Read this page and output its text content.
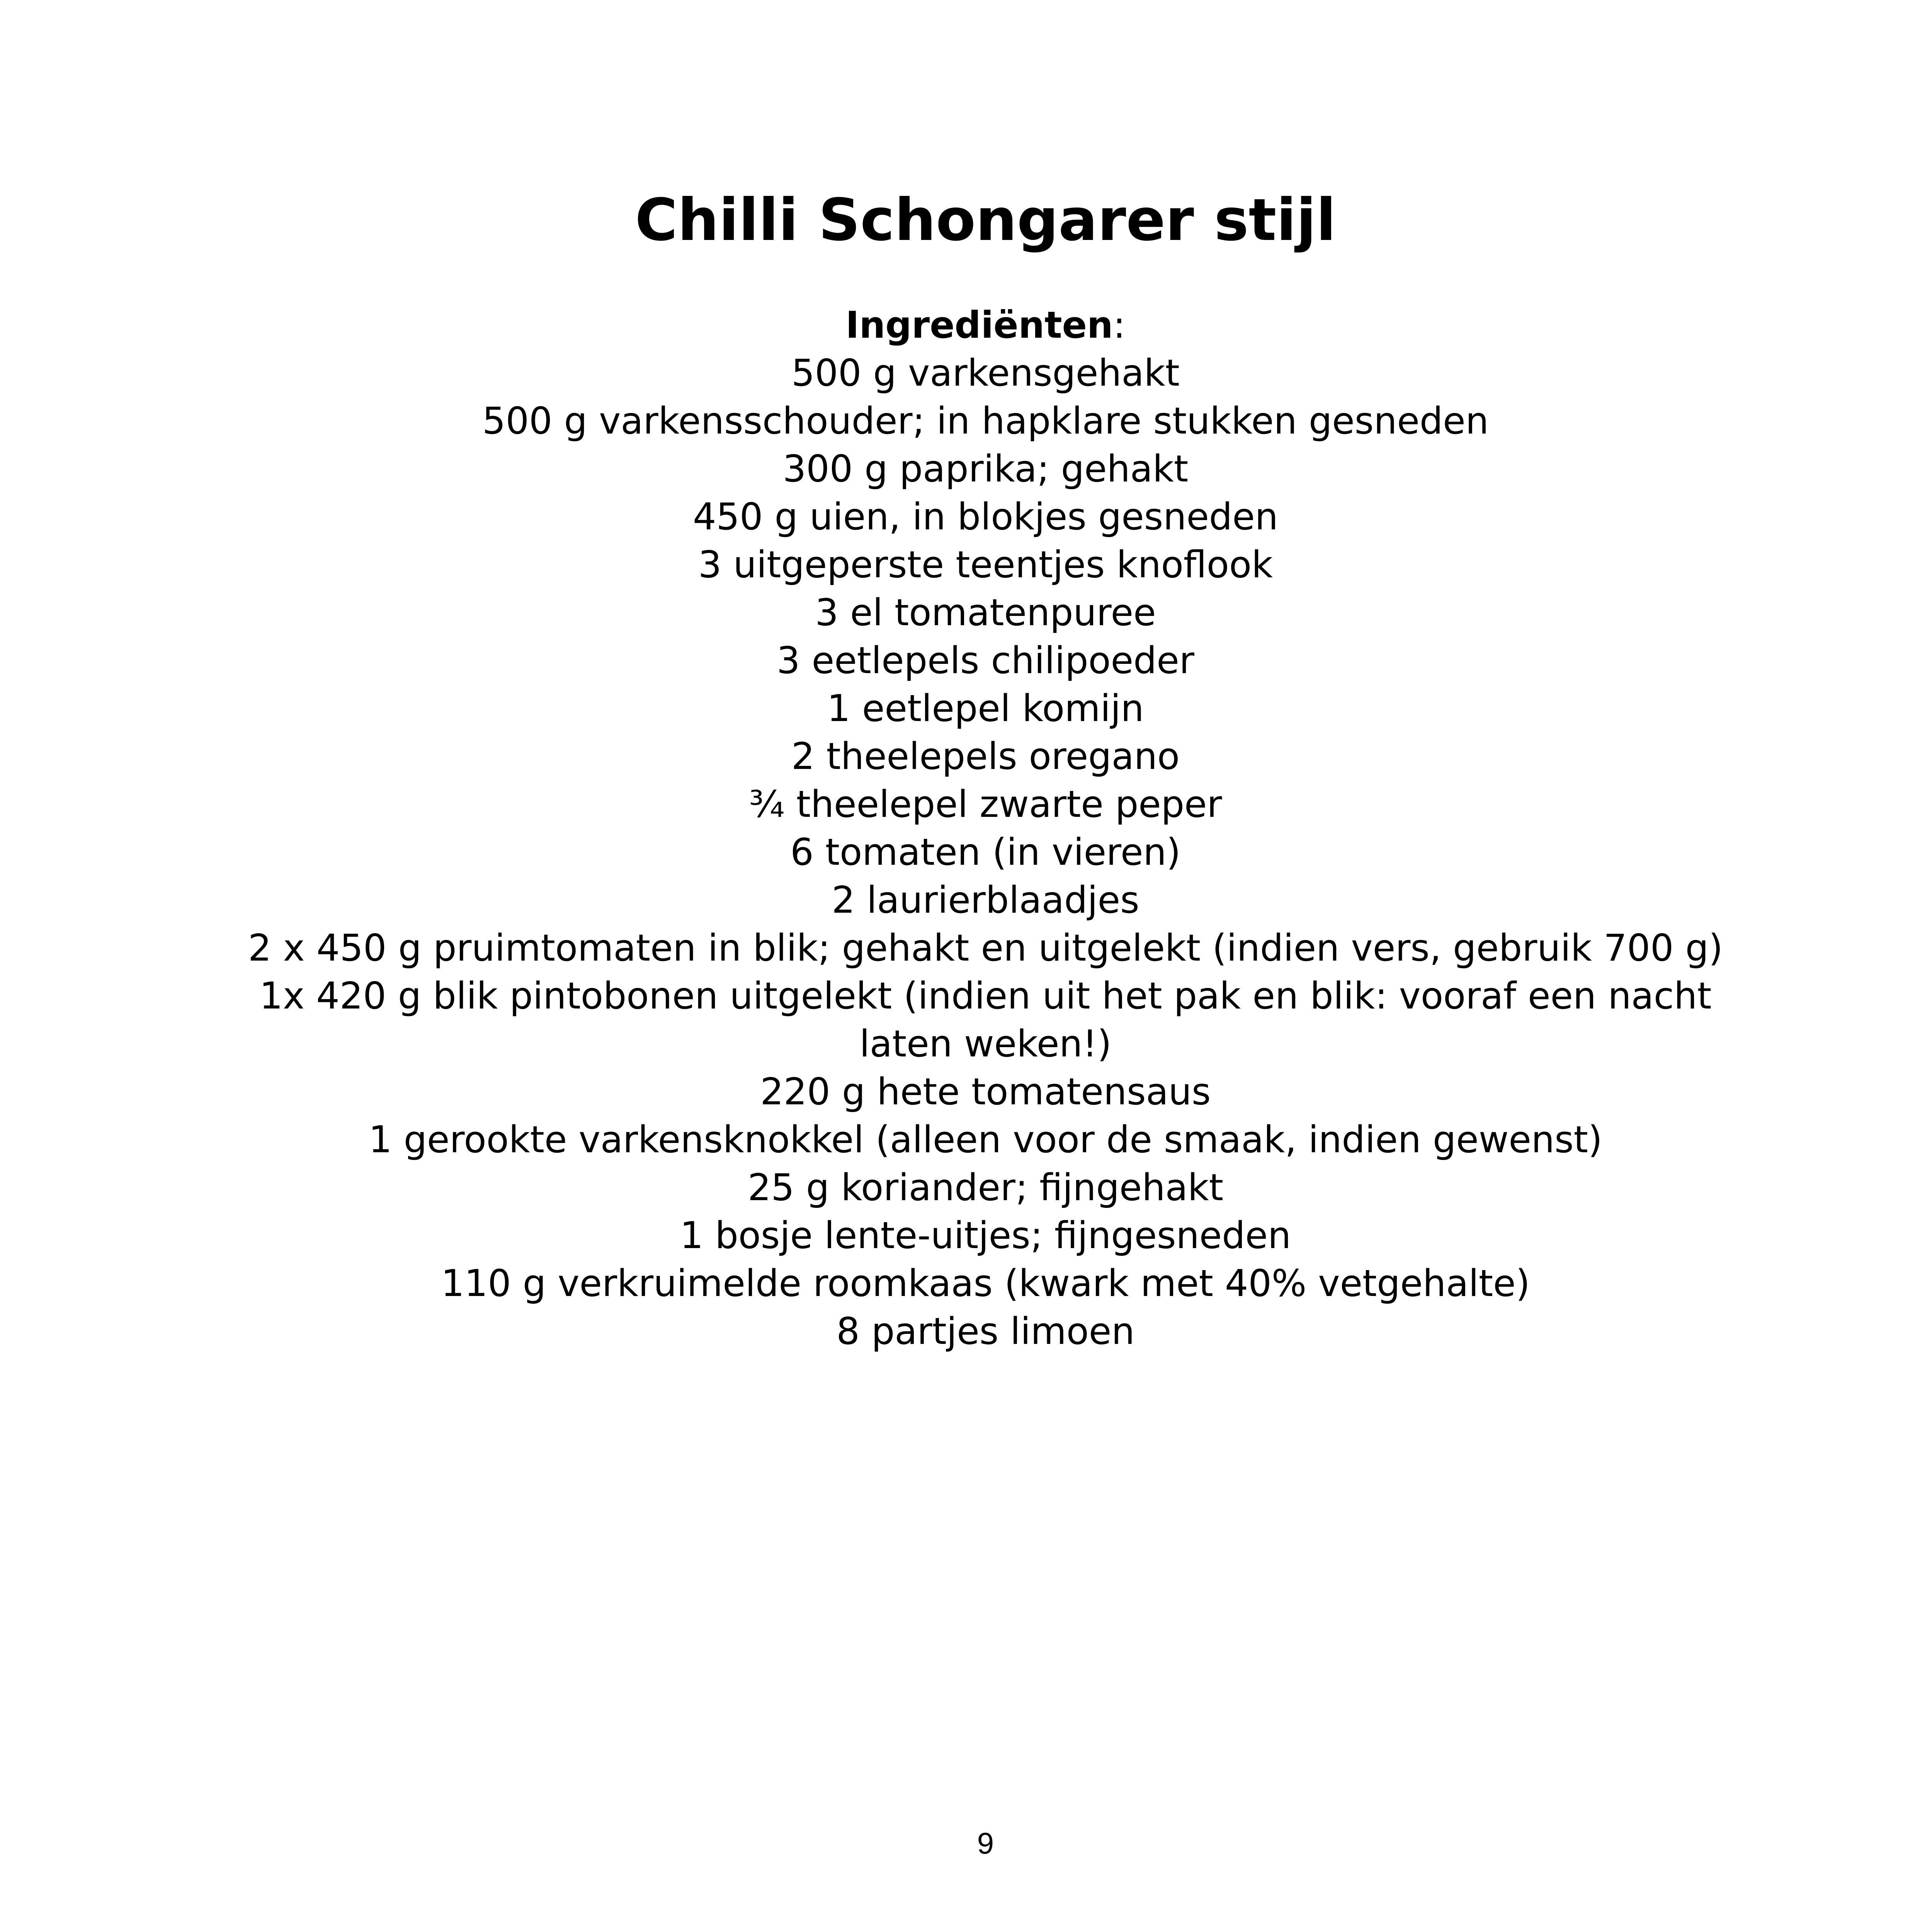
Chilli Schongarer stijl

Ingrediënten:

500 g varkensgehakt
500 g varkensschouder; in hapklare stukken gesneden
300 g paprika; gehakt
450 g uien, in blokjes gesneden
3 uitgeperste teentjes knoflook
3 el tomatenpuree
3 eetlepels chilipoeder
1 eetlepel komijn
2 theelepels oregano
¾ theelepel zwarte peper
6 tomaten (in vieren)
2 laurierblaadjes
2 x 450 g pruimtomaten in blik; gehakt en uitgelekt (indien vers, gebruik 700 g)
1x 420 g blik pintobonen uitgelekt (indien uit het pak en blik: vooraf een nacht laten weken!)
220 g hete tomatensaus
1 gerookte varkensknokkel (alleen voor de smaak, indien gewenst)
25 g koriander; fijngehakt
1 bosje lente-uitjes; fijngesneden
110 g verkruimelde roomkaas (kwark met 40% vetgehalte)
8 partjes limoen
9
